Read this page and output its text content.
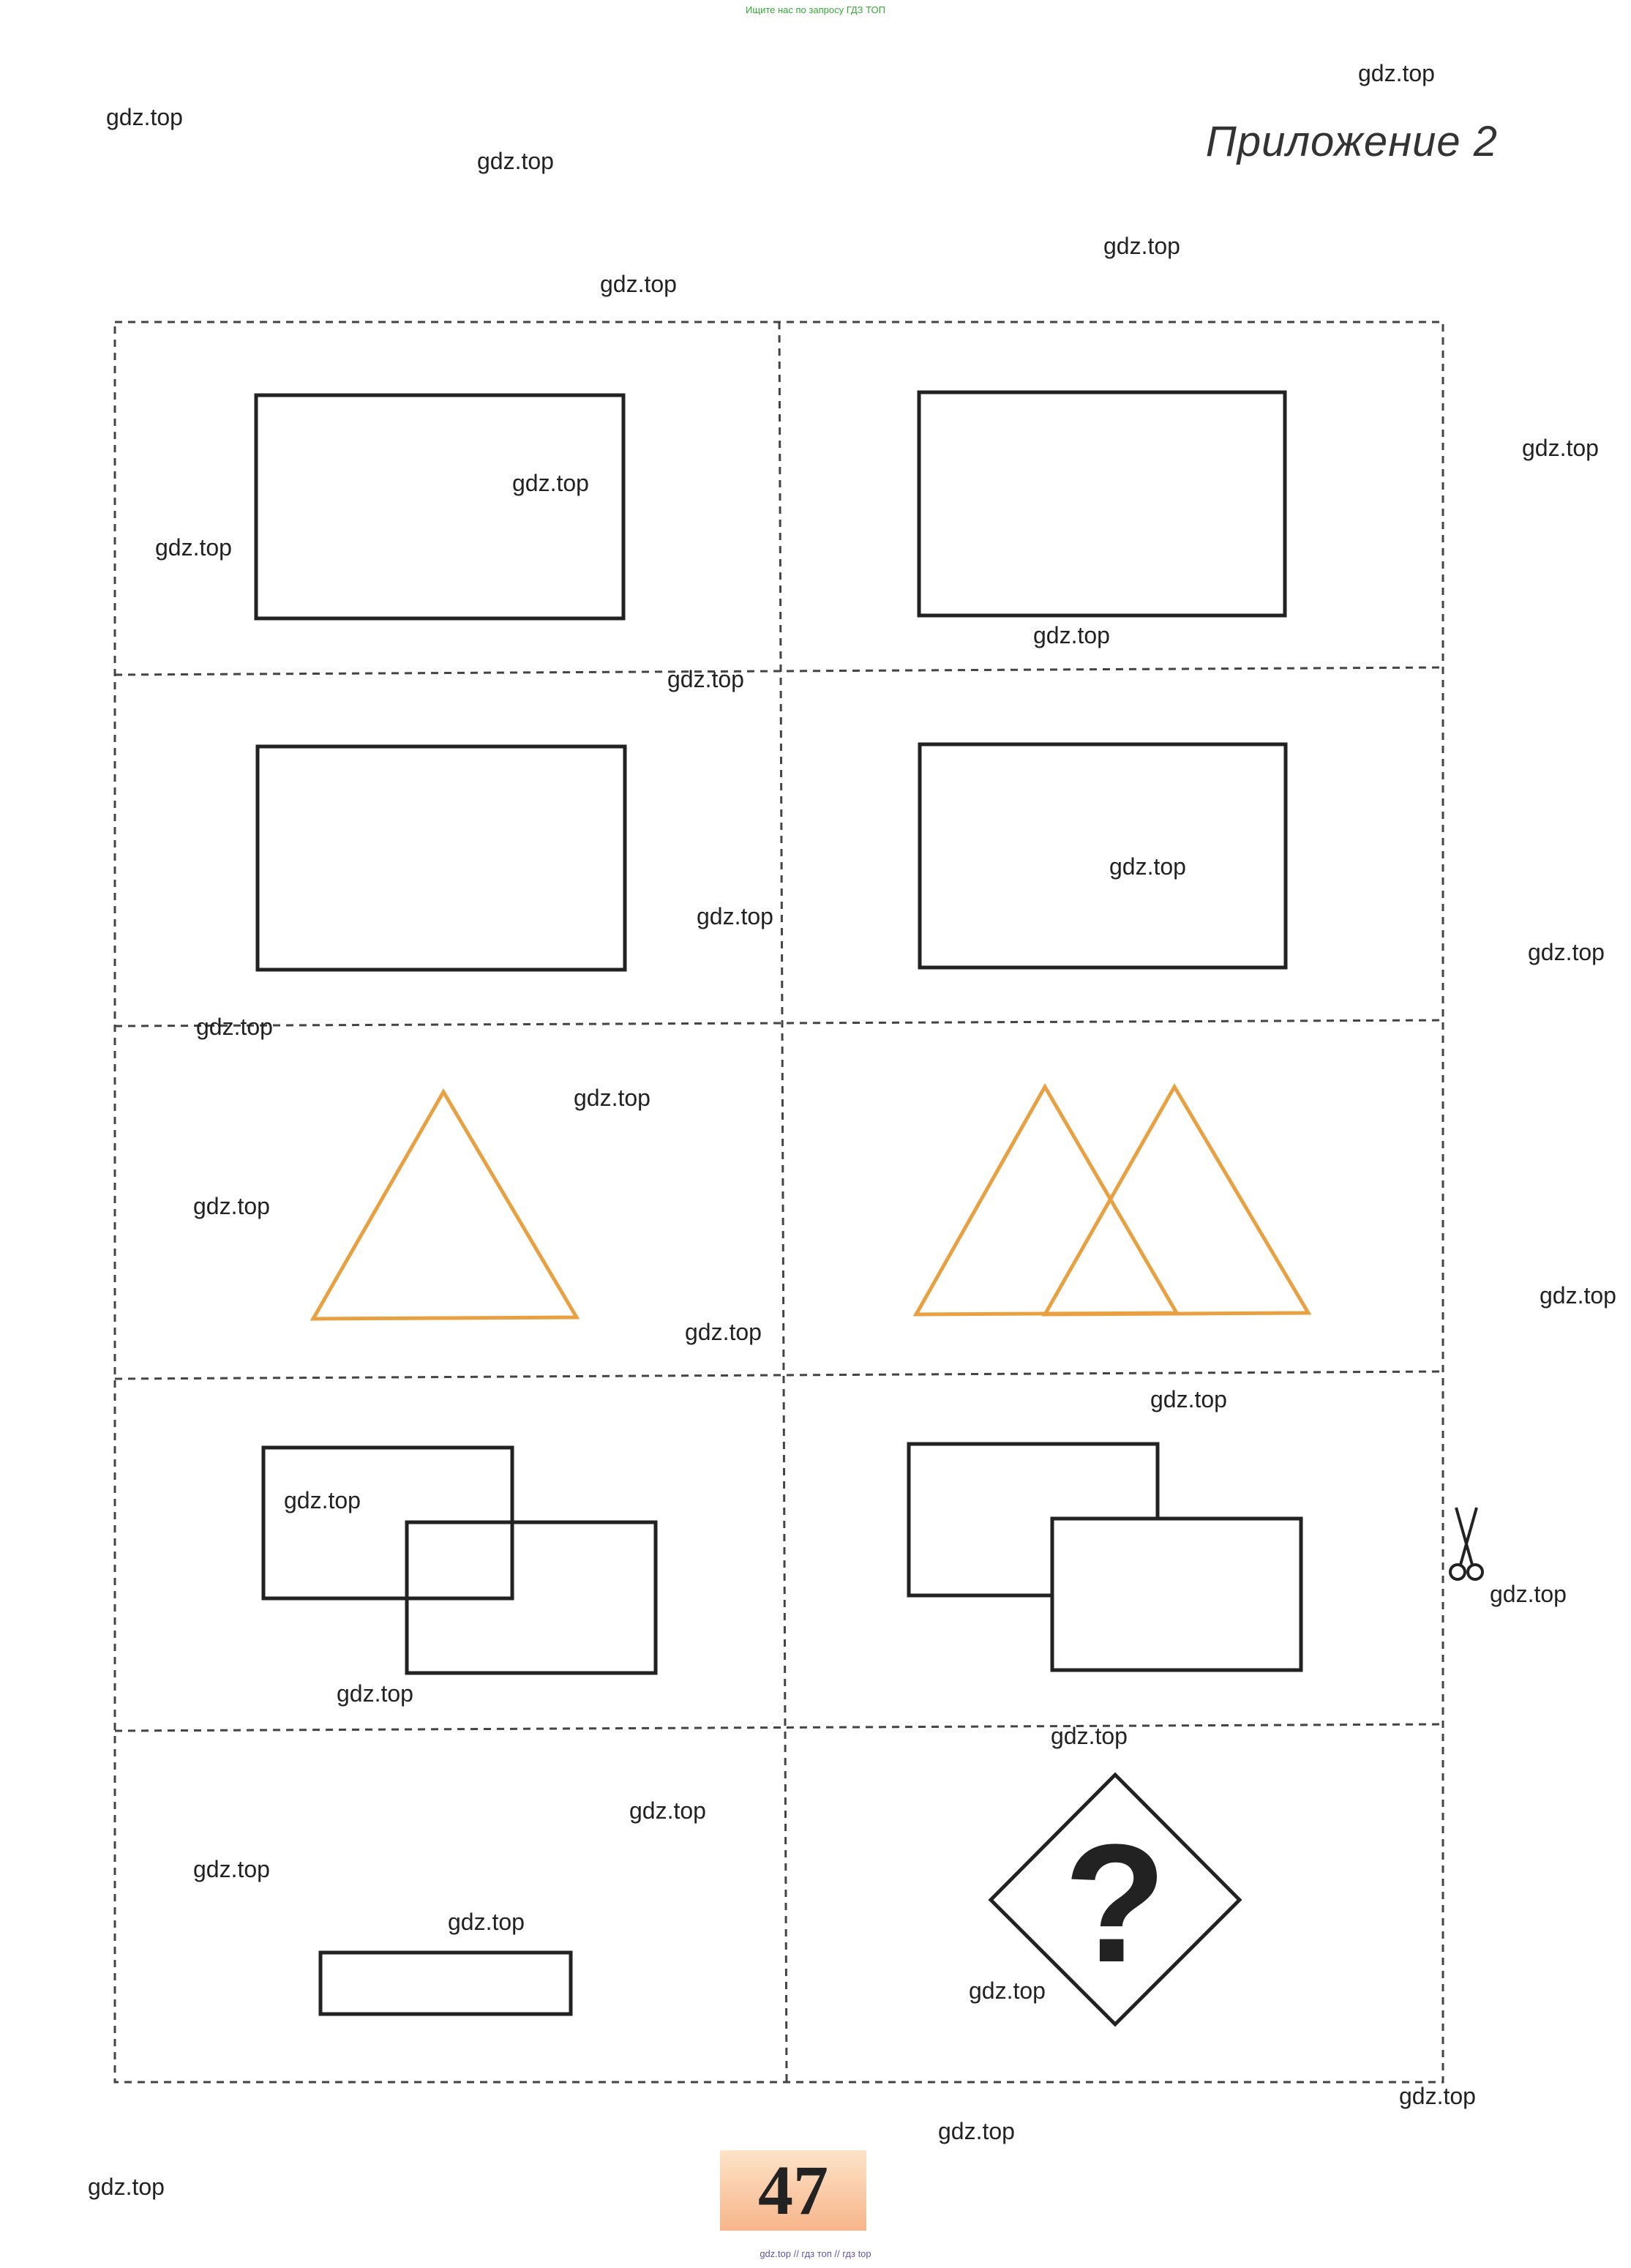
Ищите нас по запросу ГДЗ ТОП
Приложение 2
?
gdz.top
gdz.top
gdz.top
gdz.top
gdz.top
gdz.top
gdz.top
gdz.top
gdz.top
gdz.top
gdz.top
gdz.top
gdz.top
gdz.top
gdz.top
gdz.top
gdz.top
gdz.top
gdz.top
gdz.top
gdz.top
gdz.top
gdz.top
gdz.top
gdz.top
gdz.top
gdz.top
gdz.top
gdz.top
gdz.top	47
gdz.top // гдз топ // гдз top
